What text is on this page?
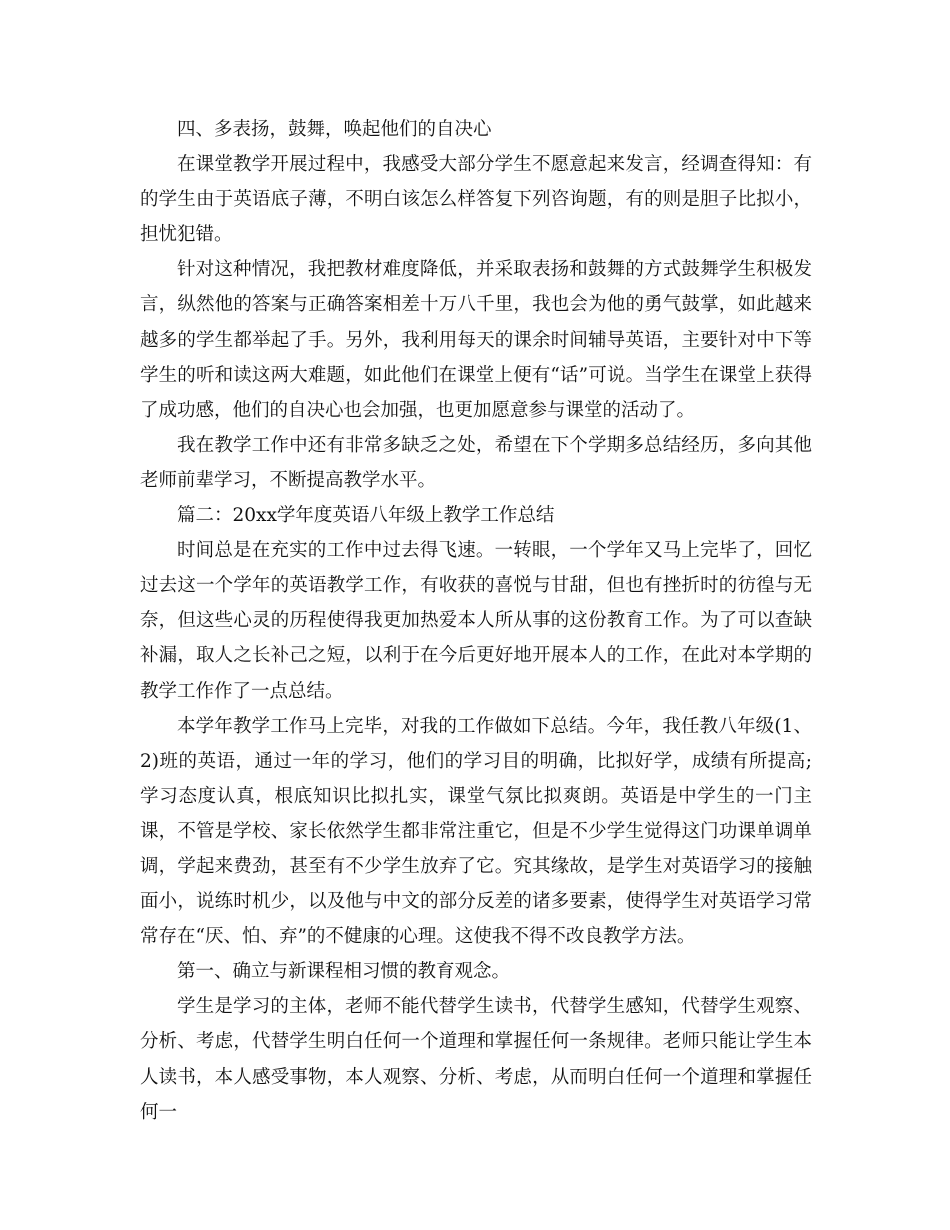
四、多表扬，鼓舞，唤起他们的自决心

在课堂教学开展过程中，我感受大部分学生不愿意起来发言，经调查得知：有的学生由于英语底子薄，不明白该怎么样答复下列咨询题，有的则是胆子比拟小，担忧犯错。

针对这种情况，我把教材难度降低，并采取表扬和鼓舞的方式鼓舞学生积极发言，纵然他的答案与正确答案相差十万八千里，我也会为他的勇气鼓掌，如此越来越多的学生都举起了手。另外，我利用每天的课余时间辅导英语，主要针对中下等学生的听和读这两大难题，如此他们在课堂上便有“话”可说。当学生在课堂上获得了成功感，他们的自决心也会加强，也更加愿意参与课堂的活动了。

我在教学工作中还有非常多缺乏之处，希望在下个学期多总结经历，多向其他老师前辈学习，不断提高教学水平。

篇二：20xx学年度英语八年级上教学工作总结

时间总是在充实的工作中过去得飞速。一转眼，一个学年又马上完毕了，回忆过去这一个学年的英语教学工作，有收获的喜悦与甘甜，但也有挫折时的彷徨与无奈，但这些心灵的历程使得我更加热爱本人所从事的这份教育工作。为了可以查缺补漏，取人之长补己之短，以利于在今后更好地开展本人的工作，在此对本学期的教学工作作了一点总结。

本学年教学工作马上完毕，对我的工作做如下总结。今年，我任教八年级(1、2)班的英语，通过一年的学习，他们的学习目的明确，比拟好学，成绩有所提高;学习态度认真，根底知识比拟扎实，课堂气氛比拟爽朗。英语是中学生的一门主课，不管是学校、家长依然学生都非常注重它，但是不少学生觉得这门功课单调单调，学起来费劲，甚至有不少学生放弃了它。究其缘故，是学生对英语学习的接触面小，说练时机少，以及他与中文的部分反差的诸多要素，使得学生对英语学习常常存在“厌、怕、弃”的不健康的心理。这使我不得不改良教学方法。

第一、确立与新课程相习惯的教育观念。

学生是学习的主体，老师不能代替学生读书，代替学生感知，代替学生观察、分析、考虑，代替学生明白任何一个道理和掌握任何一条规律。老师只能让学生本人读书，本人感受事物，本人观察、分析、考虑，从而明白任何一个道理和掌握任何一
